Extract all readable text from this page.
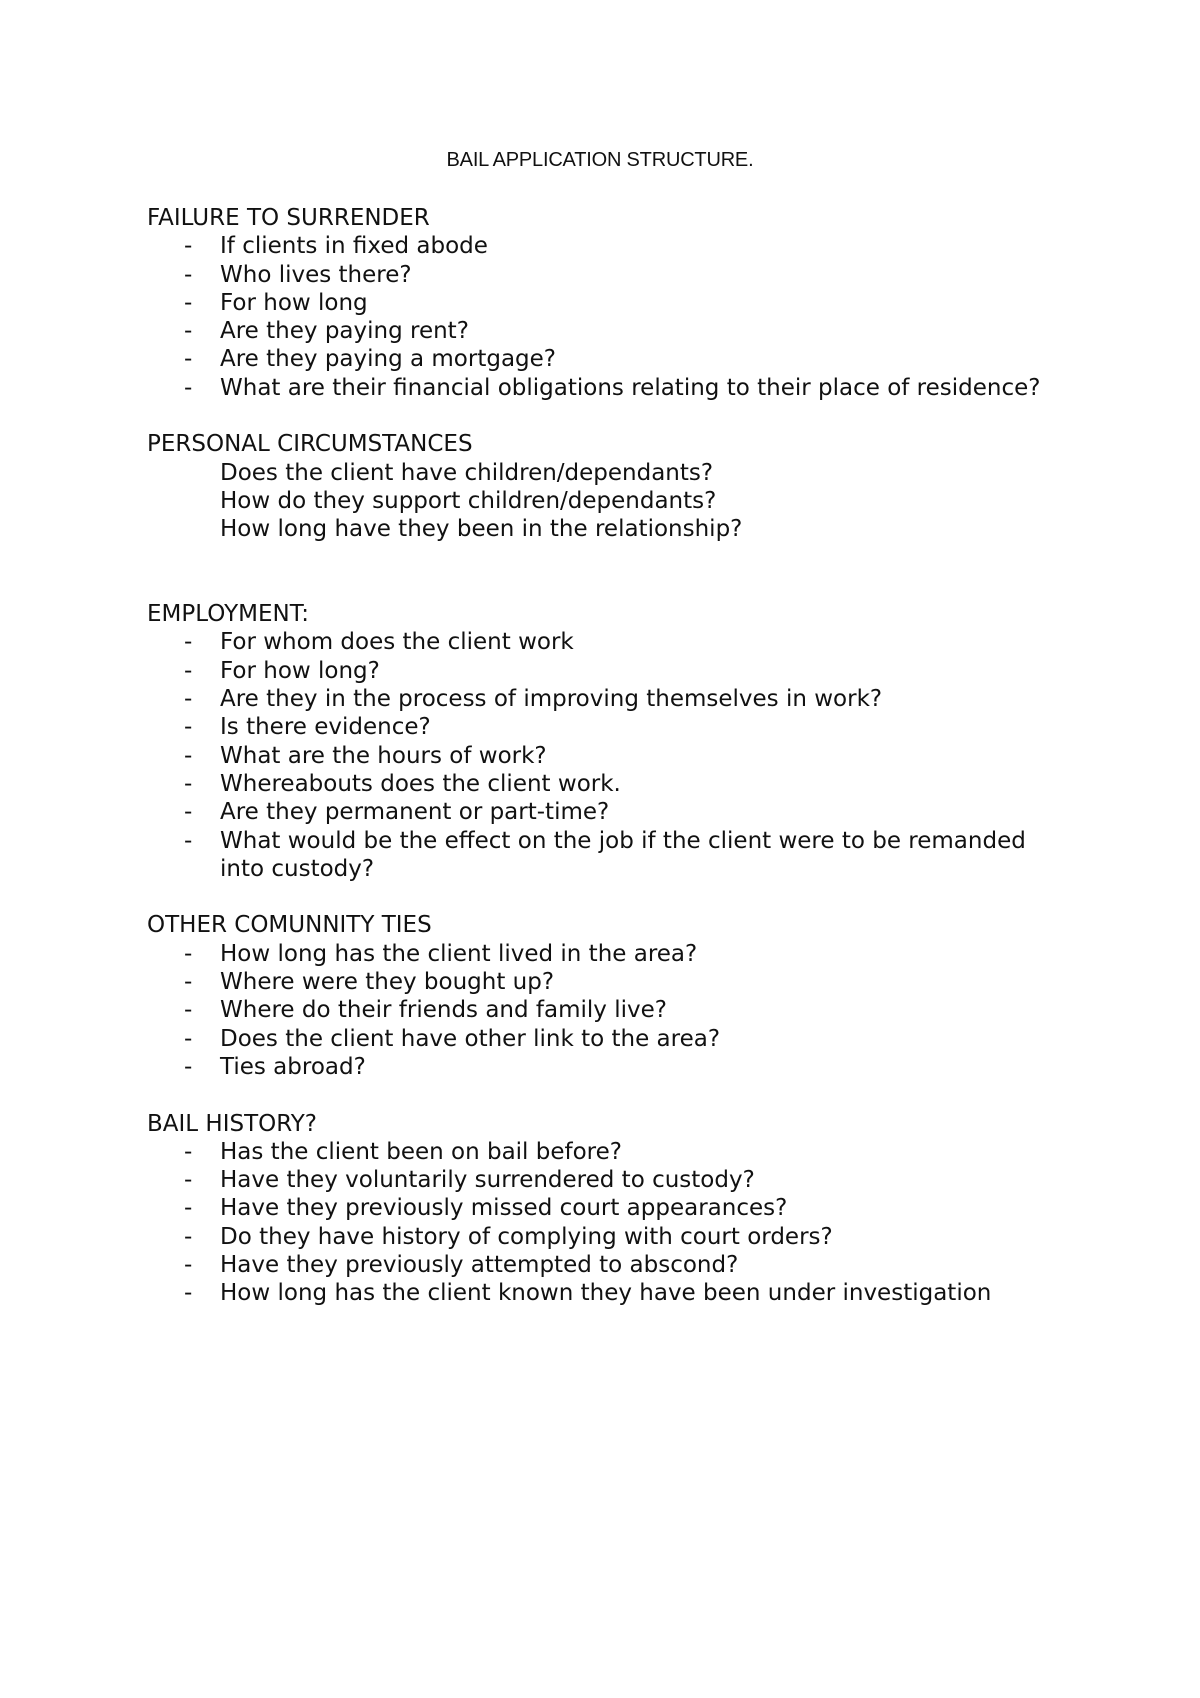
BAIL APPLICATION STRUCTURE.
FAILURE TO SURRENDER
- If clients in fixed abode
- Who lives there?
- For how long
- Are they paying rent?
- Are they paying a mortgage?
- What are their financial obligations relating to their place of residence?
PERSONAL CIRCUMSTANCES
Does the client have children/dependants?
How do they support children/dependants?
How long have they been in the relationship?
EMPLOYMENT:
- For whom does the client work
- For how long?
- Are they in the process of improving themselves in work?
- Is there evidence?
- What are the hours of work?
- Whereabouts does the client work.
- Are they permanent or part-time?
- What would be the effect on the job if the client were to be remanded into custody?
OTHER COMUNNITY TIES
- How long has the client lived in the area?
- Where were they bought up?
- Where do their friends and family live?
- Does the client have other link to the area?
- Ties abroad?
BAIL HISTORY?
- Has the client been on bail before?
- Have they voluntarily surrendered to custody?
- Have they previously missed court appearances?
- Do they have history of complying with court orders?
- Have they previously attempted to abscond?
- How long has the client known they have been under investigation
